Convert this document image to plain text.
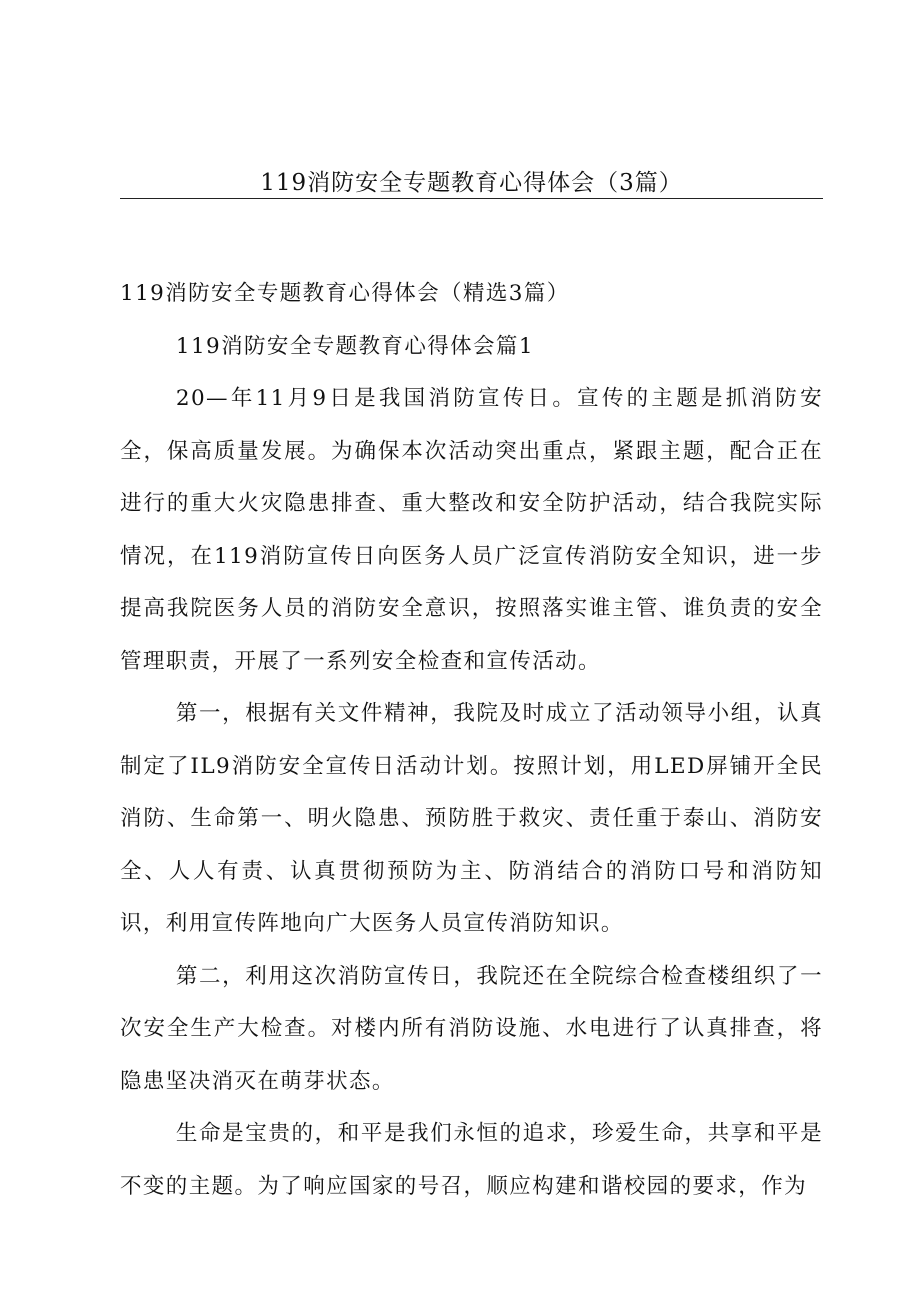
119消防安全专题教育心得体会（3篇）

119消防安全专题教育心得体会（精选3篇）

119消防安全专题教育心得体会篇1

20—年11月9日是我国消防宣传日。宣传的主题是抓消防安全，保高质量发展。为确保本次活动突出重点，紧跟主题，配合正在进行的重大火灾隐患排查、重大整改和安全防护活动，结合我院实际情况，在119消防宣传日向医务人员广泛宣传消防安全知识，进一步提高我院医务人员的消防安全意识，按照落实谁主管、谁负责的安全管理职责，开展了一系列安全检查和宣传活动。

第一，根据有关文件精神，我院及时成立了活动领导小组，认真制定了IL9消防安全宣传日活动计划。按照计划，用LED屏铺开全民消防、生命第一、明火隐患、预防胜于救灾、责任重于泰山、消防安全、人人有责、认真贯彻预防为主、防消结合的消防口号和消防知识，利用宣传阵地向广大医务人员宣传消防知识。

第二，利用这次消防宣传日，我院还在全院综合检查楼组织了一次安全生产大检查。对楼内所有消防设施、水电进行了认真排查，将隐患坚决消灭在萌芽状态。

生命是宝贵的，和平是我们永恒的追求，珍爱生命，共享和平是不变的主题。为了响应国家的号召，顺应构建和谐校园的要求，作为
